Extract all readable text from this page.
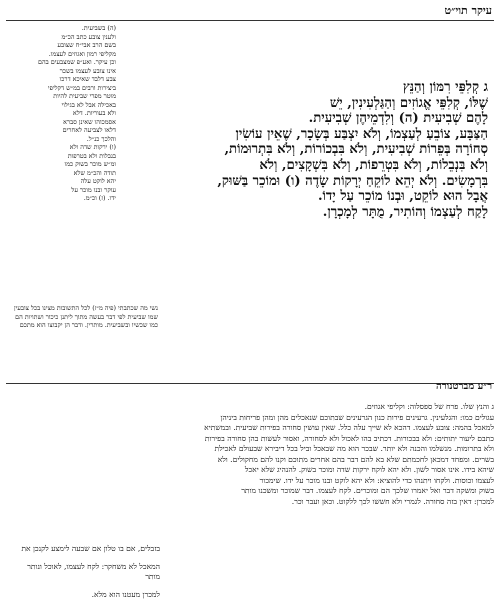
עיקר תוי״ט

(ה) בשביעית.

ולענין צובע כתב הכ״מ

בשם הרב אבי״ח שצובע

מקליפי רמון ואגוזים לעצמו.

וכן עיקר. ואע״פ שמצבעים בהם

אינו צובע לעצמו בשכר

צבע דלבד שאיכא דרכו

ביצירות ורבים במ״ש דקליפי

מוטר מפרי שביעית להיות

באכילה אבל לא בגילוי

ולא בעוריות. דלא

אסמכוהו שאינן סברא

דלאו לצביעה לאחרים

והלכך כנ״ל.

(ו) ירקות שדה ולא

בנבלות ולא בטרפות

ומ״ש מוכר בשוק כמו

תודה והכ״מ שלא

יהא לוקט עלה

עוקר ובנו מוכר על

ידו. (ז) וכ״מ.

נשי מה שכתבתי (פיה מ״ז) לכל התשובות מצינו בכל צובעין שמו שביעית לפי דבר בעשה מתוך ליתנן כיכור ושתויות הם כמו שכשיו ובשביעית. מותרין. ודבר הן יקבוצו הוא מתכם

ג קְלִפֵּי רִמּוֹן וְהַנֵּץ

שֶׁלּוֹ, קְלִפֵּי אֱגוֹזִים וְהַגַּלְעִינִין, יֵשׁ

לָהֶם שְׁבִיעִית (ה) וְלִדְמֵיהֶן שְׁבִיעִית.

הַצַּבָּע, צוֹבֵעַ לְעַצְמוֹ, וְלֹא יִצְבַּע בְּשָׂכָר, שֶׁאֵין עוֹשִׂין

סְחוֹרָה בְּפֵרוֹת שְׁבִיעִית, וְלֹא בִּבְכוֹרוֹת, וְלֹא בִּתְרוּמוֹת,

וְלֹא בִּנְבֵלוֹת, וְלֹא בִּטְרֵפוֹת, וְלֹא בִּשְׁקָצִים, וְלֹא

בִּרְמָשִׂים. וְלֹא יְהֵא לוֹקֵחַ יְרָקוֹת שָׂדֶה (ו) וּמוֹכֵר בַּשּׁוּק,

אֲבָל הוּא לוֹקֵט, וּבְנוֹ מוֹכֵר עַל יָדוֹ.

לָקַח לְעַצְמוֹ וְהוֹתִיר, מֻתָּר לְמָכְרָן.

ר״ע מברטנורה

ג והנץ שלו. פרח של ספסלוה: וקליפי אגוזים.

עגולים כמו: והגלעינין. גרעינים פירות כנון הגרעינים שבתוכם שנאכלים מהן ומהן פריחות ביניהן

למאכל בהמה: צובע לעצמו. דהכא לא שייך עלה כלל. שאין עושין סחורה בפירות שביעית. ובמשתיא

כתבם ליעור יתותים: ולא בבכורות. דכתיב בהו לאכול ולא לסחורה, ואסור לעשות בהן סחורה בפירות

ולא בתרומות. מנשלמו והכנה ולא יותר. שבכר הוא מה שבאכל וביל בכל דיבירא שבעולם לאכילת

בשרים. ומפחד דמכאן לחכמתם שלא בא להם דבר בהם אחרים מתוכם וקנו להם מחקולים. ולא

שיהא בידו. אינו אסור לשון. ולא יהא לוקח ירקות שדה ומוכר בשוק. להנהיג שלא יאכל

לעצמו וכוסות. ולקחו ויתנהו כדי להוציא: ולא יהא לוקט ובנו מוכר על ידו. שימכור

בשוק ומשקה דבר ואל יאמרו שלכך הם ומוכרים. לקח לעצמו. דבר שמוכר ומשכנו מותר

למכרן: דאין בזה סחורה. לגמרי ולא חששו לכך ללקוט. וכאן ועבר וכר.

בזבלים, אם בו טלון אם שבעה לימצע לקנכן את

המאכל לא משחקר: לקח לעצמו, לאוכל ונותר מותר

למכרן מעטנו הוא מלא.
